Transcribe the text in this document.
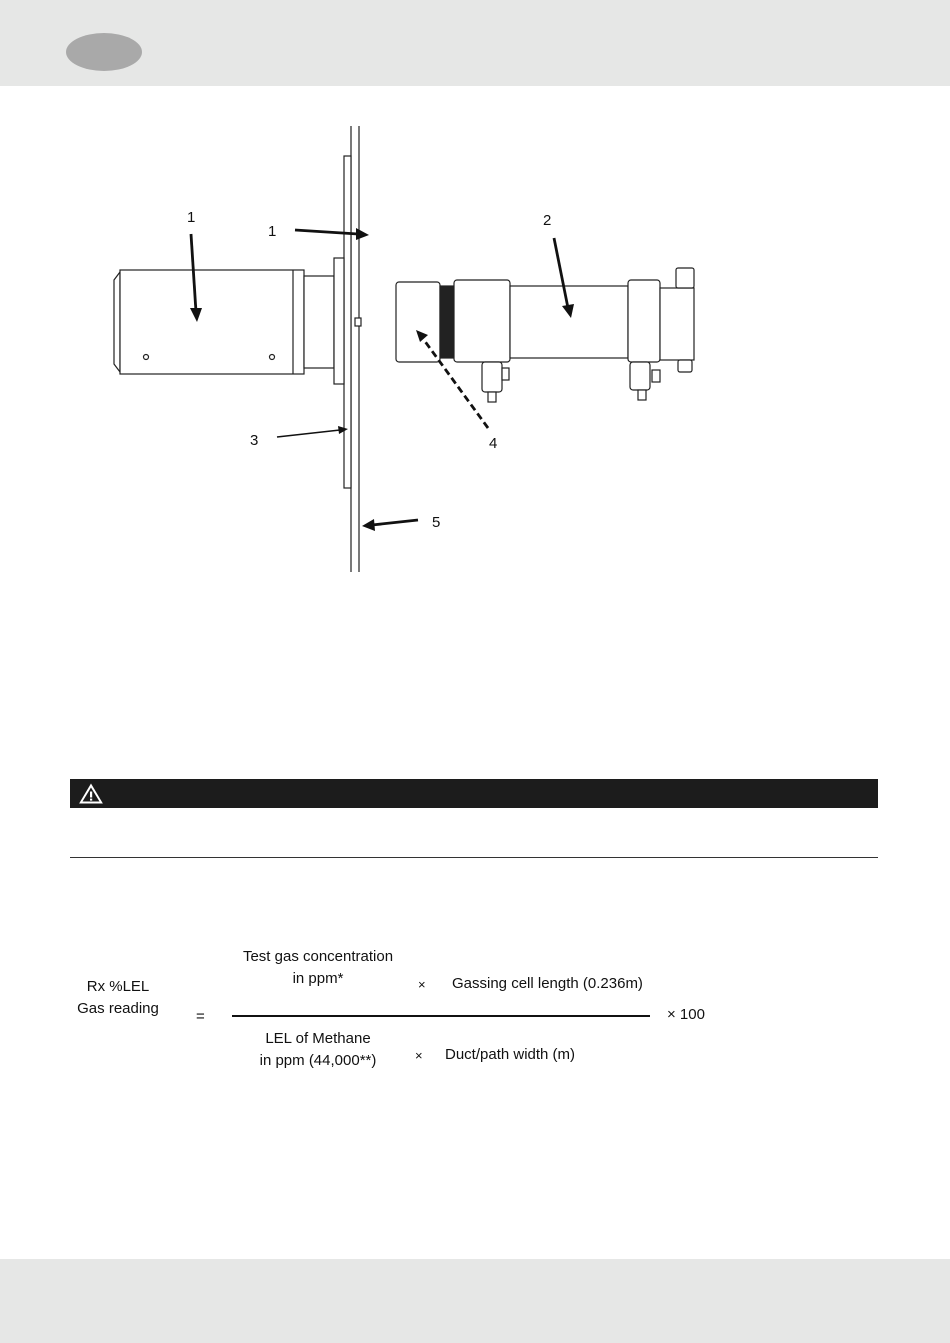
1
1
2
3	4
5
Rx %LEL
Gas reading	=
Test gas concentration
in ppm*	× Gassing cell length (0.236m)
× 100
LEL of Methane
in ppm (44,000**)	× Duct/path width (m)
